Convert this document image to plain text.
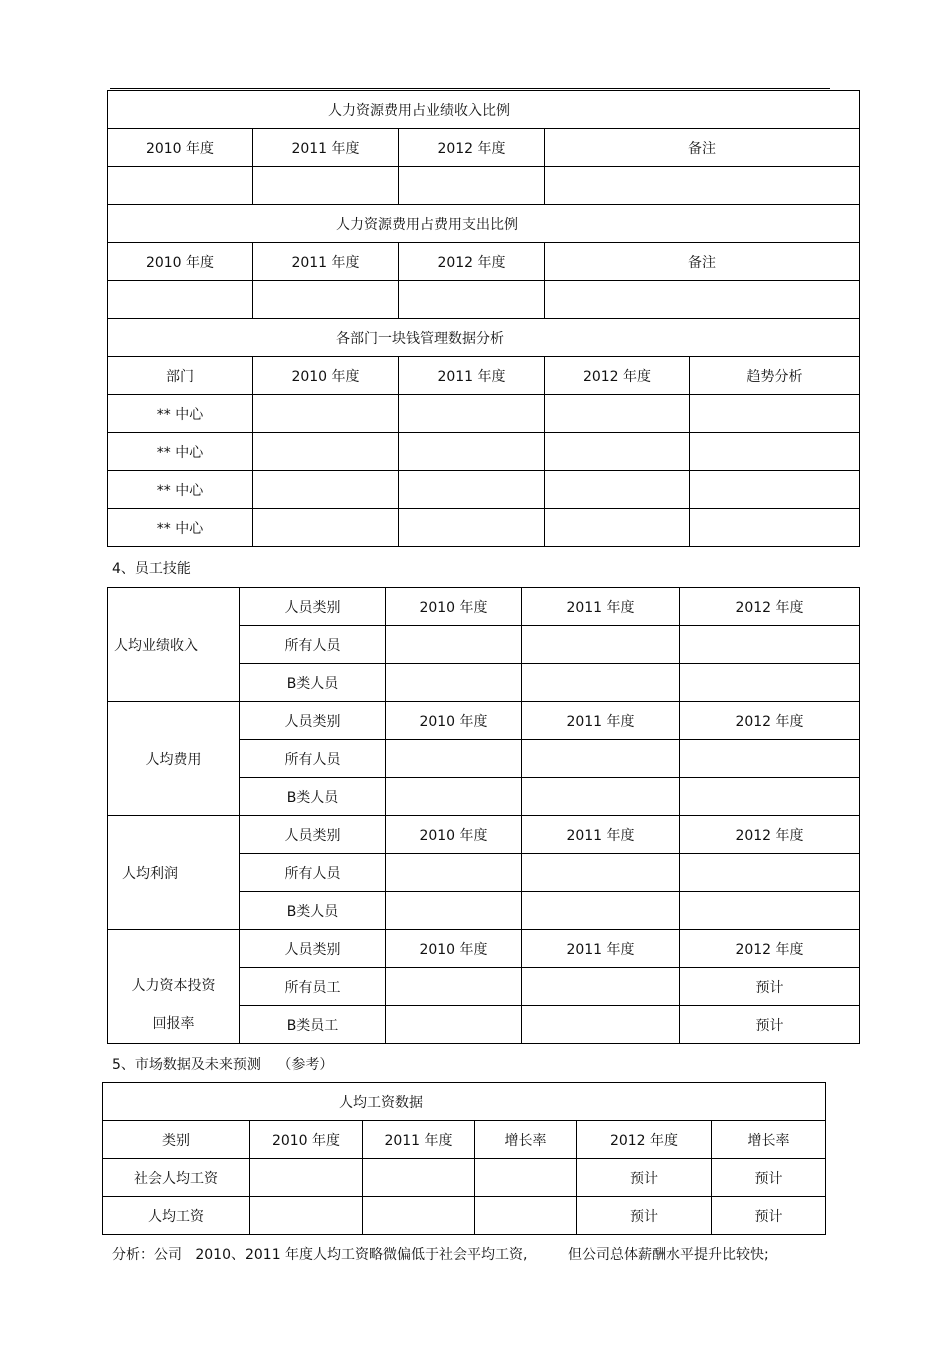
人力资源费用占业绩收入比例				
2010 年度	2011 年度	2012 年度	备注	

人力资源费用占费用支出比例				
2010 年度	2011 年度	2012 年度	备注	

各部门一块钱管理数据分析				
部门	2010 年度	2011 年度	2012 年度	趋势分析
** 中心				
** 中心				
** 中心				
** 中心				
4、员工技能
人均业绩收入	人员类别	2010 年度	2011 年度	2012 年度
	所有人员			
	B类人员			
人均费用	人员类别	2010 年度	2011 年度	2012 年度
	所有人员			
	B类人员			
人均利润	人员类别	2010 年度	2011 年度	2012 年度
	所有人员			
	B类人员			

人力资本投资
回报率	人员类别	2010 年度	2011 年度	2012 年度
	所有员工			预计
	B类员工			预计
5、市场数据及未来预测 （参考）
人均工资数据					
类别	2010 年度	2011 年度	增长率	2012 年度	增长率
社会人均工资				预计	预计
人均工资				预计	预计
分析：公司   2010、2011 年度人均工资略微偏低于社会平均工资,	但公司总体薪酬水平提升比较快;
